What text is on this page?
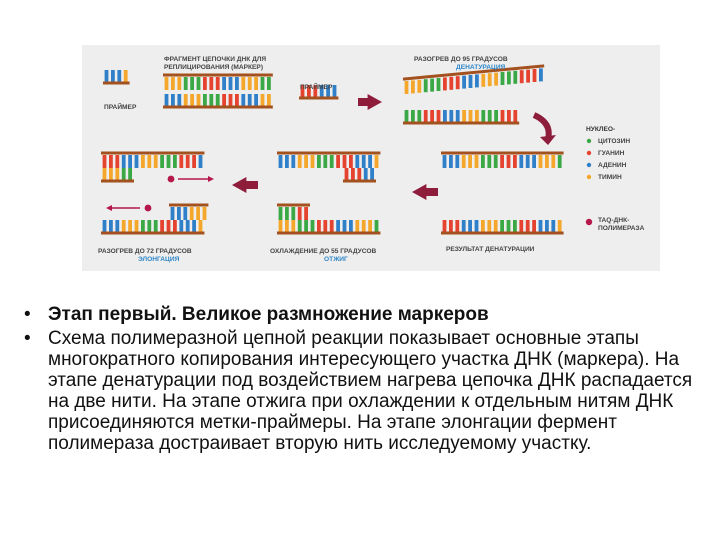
ФРАГМЕНТ ЦЕПОЧКИ ДНК ДЛЯ
РЕПЛИЦИРОВАНИЯ (МАРКЕР)
ПРАЙМЕР
ПРАЙМЕР
РАЗОГРЕВ ДО 95 ГРАДУСОВ
ДЕНАТУРАЦИЯ
РАЗОГРЕВ ДО 72 ГРАДУСОВ
ЭЛОНГАЦИЯ
ОХЛАЖДЕНИЕ ДО 55 ГРАДУСОВ
ОТЖИГ
РЕЗУЛЬТАТ ДЕНАТУРАЦИИ
НУКЛЕО-
ЦИТОЗИН
ГУАНИН
АДЕНИН
ТИМИН
TAQ-ДНК-
ПОЛИМЕРАЗА
• Этап первый. Великое размножение маркеров
• Схема полимеразной цепной реакции показывает основные этапы многократного копирования интересующего участка ДНК (маркера). На этапе денатурации под воздействием нагрева цепочка ДНК распадается на две нити. На этапе отжига при охлаждении к отдельным нитям ДНК присоединяются метки-праймеры. На этапе элонгации фермент полимераза достраивает вторую нить исследуемому участку.
